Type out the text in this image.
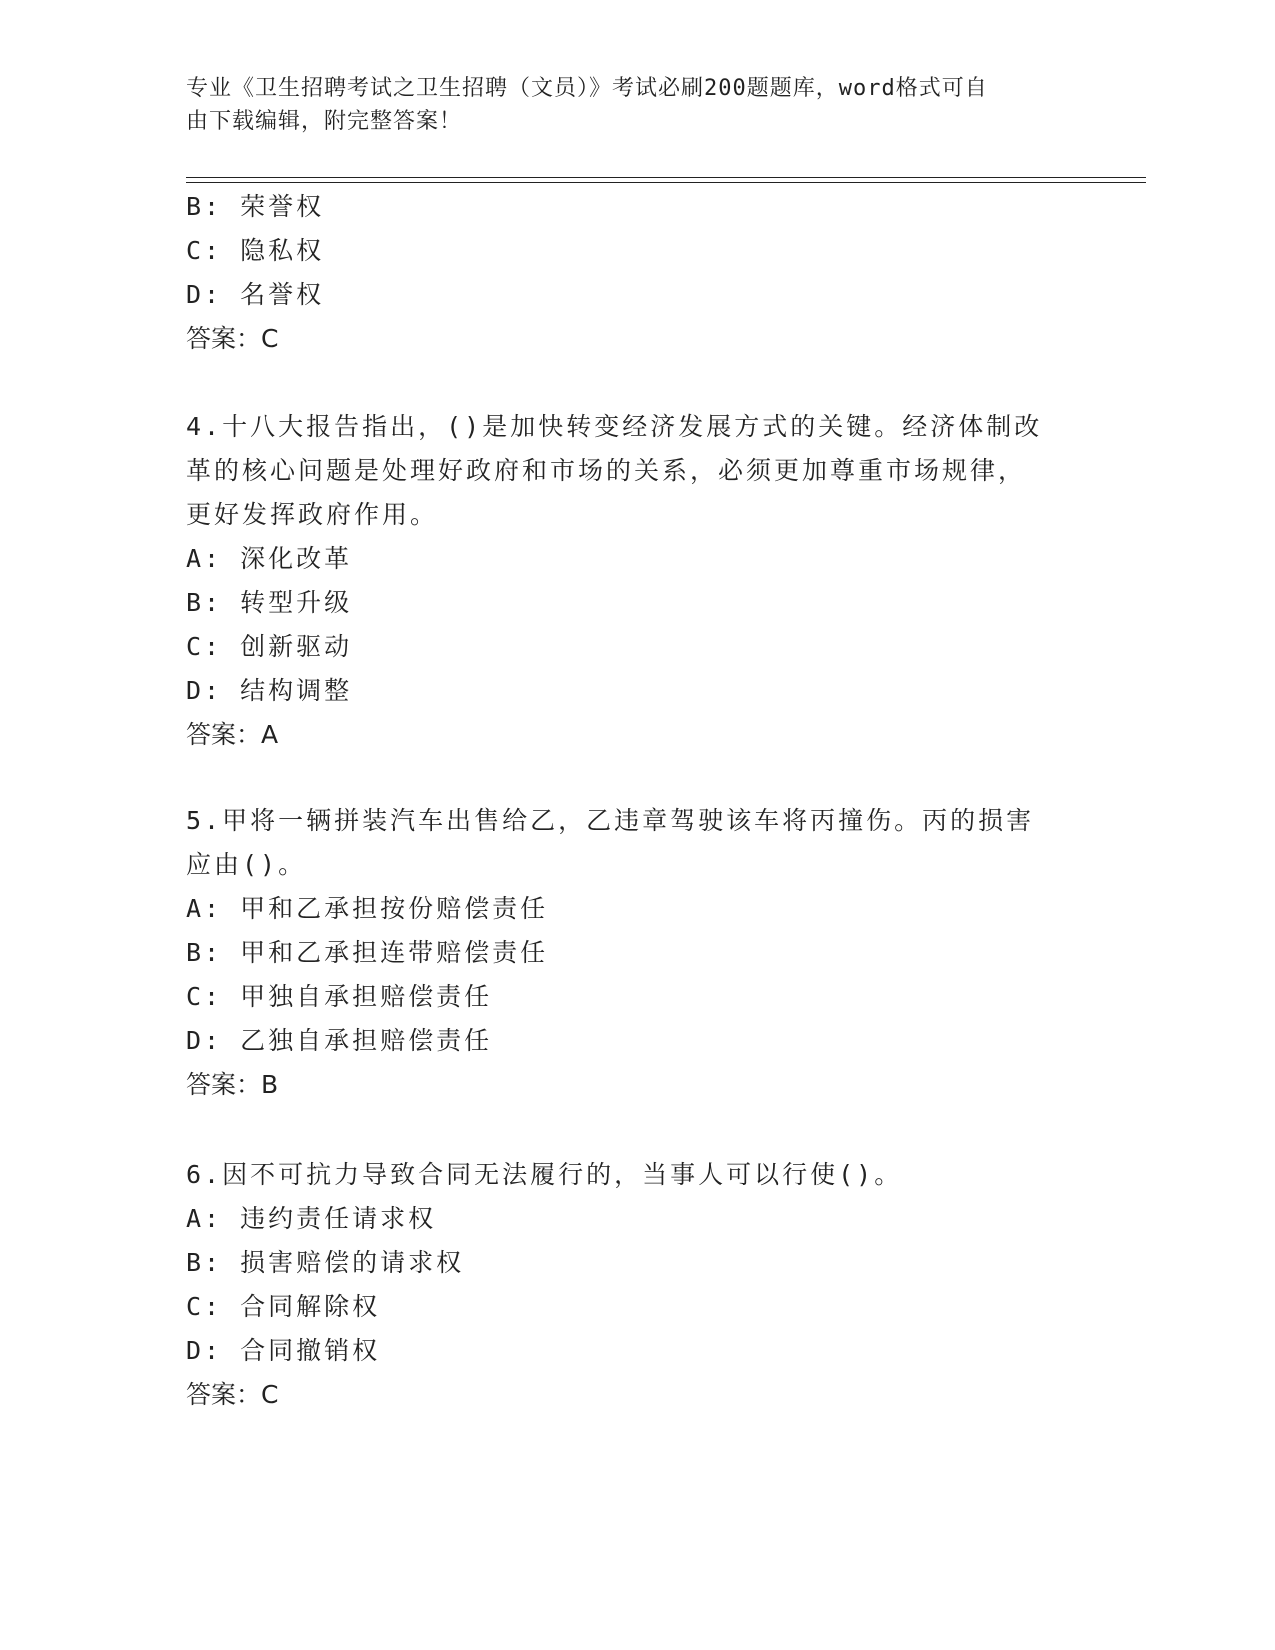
专业《卫生招聘考试之卫生招聘（文员）》考试必刷200题题库，word格式可自
由下载编辑，附完整答案！
B: 荣誉权
C: 隐私权
D: 名誉权
答案：C
4.十八大报告指出，()是加快转变经济发展方式的关键。经济体制改
革的核心问题是处理好政府和市场的关系，必须更加尊重市场规律，
更好发挥政府作用。
A: 深化改革
B: 转型升级
C: 创新驱动
D: 结构调整
答案：A
5.甲将一辆拼装汽车出售给乙，乙违章驾驶该车将丙撞伤。丙的损害
应由()。
A: 甲和乙承担按份赔偿责任
B: 甲和乙承担连带赔偿责任
C: 甲独自承担赔偿责任
D: 乙独自承担赔偿责任
答案：B
6.因不可抗力导致合同无法履行的，当事人可以行使()。
A: 违约责任请求权
B: 损害赔偿的请求权
C: 合同解除权
D: 合同撤销权
答案：C
